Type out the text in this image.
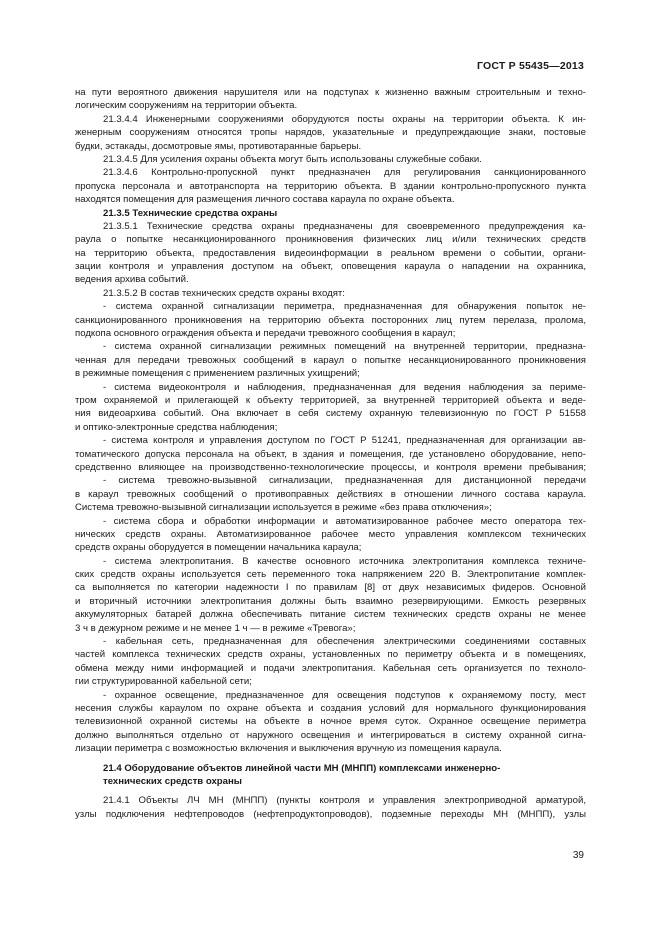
ГОСТ Р 55435—2013
на пути вероятного движения нарушителя или на подступах к жизненно важным строительным и техно-
логическим сооружениям на территории объекта.
21.3.4.4 Инженерными сооружениями оборудуются посты охраны на территории объекта. К ин-
женерным сооружениям относятся тропы нарядов, указательные и предупреждающие знаки, постовые
будки, эстакады, досмотровые ямы, противотаранные барьеры.
21.3.4.5 Для усиления охраны объекта могут быть использованы служебные собаки.
21.3.4.6 Контрольно-пропускной пункт предназначен для регулирования санкционированного
пропуска персонала и автотранспорта на территорию объекта. В здании контрольно-пропускного пункта
находятся помещения для размещения личного состава караула по охране объекта.
21.3.5 Технические средства охраны
21.3.5.1 Технические средства охраны предназначены для своевременного предупреждения ка-
раула о попытке несанкционированного проникновения физических лиц и/или технических средств
на территорию объекта, предоставления видеоинформации в реальном времени о событии, органи-
зации контроля и управления доступом на объект, оповещения караула о нападении на охранника,
ведения архива событий.
21.3.5.2 В состав технических средств охраны входят:
- система охранной сигнализации периметра, предназначенная для обнаружения попыток не-
санкционированного проникновения на территорию объекта посторонних лиц путем перелаза, пролома,
подкопа основного ограждения объекта и передачи тревожного сообщения в караул;
- система охранной сигнализации режимных помещений на внутренней территории, предназна-
ченная для передачи тревожных сообщений в караул о попытке несанкционированного проникновения
в режимные помещения с применением различных ухищрений;
- система видеоконтроля и наблюдения, предназначенная для ведения наблюдения за периме-
тром охраняемой и прилегающей к объекту территорией, за внутренней территорией объекта и веде-
ния видеоархива событий. Она включает в себя систему охранную телевизионную по ГОСТ Р 51558
и оптико-электронные средства наблюдения;
- система контроля и управления доступом по ГОСТ Р 51241, предназначенная для организации ав-
томатического допуска персонала на объект, в здания и помещения, где установлено оборудование, непо-
средственно влияющее на производственно-технологические процессы, и контроля времени пребывания;
- система тревожно-вызывной сигнализации, предназначенная для дистанционной передачи
в караул тревожных сообщений о противоправных действиях в отношении личного состава караула.
Система тревожно-вызывной сигнализации используется в режиме «без права отключения»;
- система сбора и обработки информации и автоматизированное рабочее место оператора тех-
нических средств охраны. Автоматизированное рабочее место управления комплексом технических
средств охраны оборудуется в помещении начальника караула;
- система электропитания. В качестве основного источника электропитания комплекса техниче-
ских средств охраны используется сеть переменного тока напряжением 220 В. Электропитание комплек-
са выполняется по категории надежности I по правилам [8] от двух независимых фидеров. Основной
и вторичный источники электропитания должны быть взаимно резервирующими. Емкость резервных
аккумуляторных батарей должна обеспечивать питание систем технических средств охраны не менее
3 ч в дежурном режиме и не менее 1 ч — в режиме «Тревога»;
- кабельная сеть, предназначенная для обеспечения электрическими соединениями составных
частей комплекса технических средств охраны, установленных по периметру объекта и в помещениях,
обмена между ними информацией и подачи электропитания. Кабельная сеть организуется по техноло-
гии структурированной кабельной сети;
- охранное освещение, предназначенное для освещения подступов к охраняемому посту, мест
несения службы караулом по охране объекта и создания условий для нормального функционирования
телевизионной охранной системы на объекте в ночное время суток. Охранное освещение периметра
должно выполняться отдельно от наружного освещения и интегрироваться в систему охранной сигна-
лизации периметра с возможностью включения и выключения вручную из помещения караула.
21.4 Оборудование объектов линейной части МН (МНПП) комплексами инженерно-
технических средств охраны
21.4.1 Объекты ЛЧ МН (МНПП) (пункты контроля и управления электроприводной арматурой,
узлы подключения нефтепроводов (нефтепродуктопроводов), подземные переходы МН (МНПП), узлы
39
